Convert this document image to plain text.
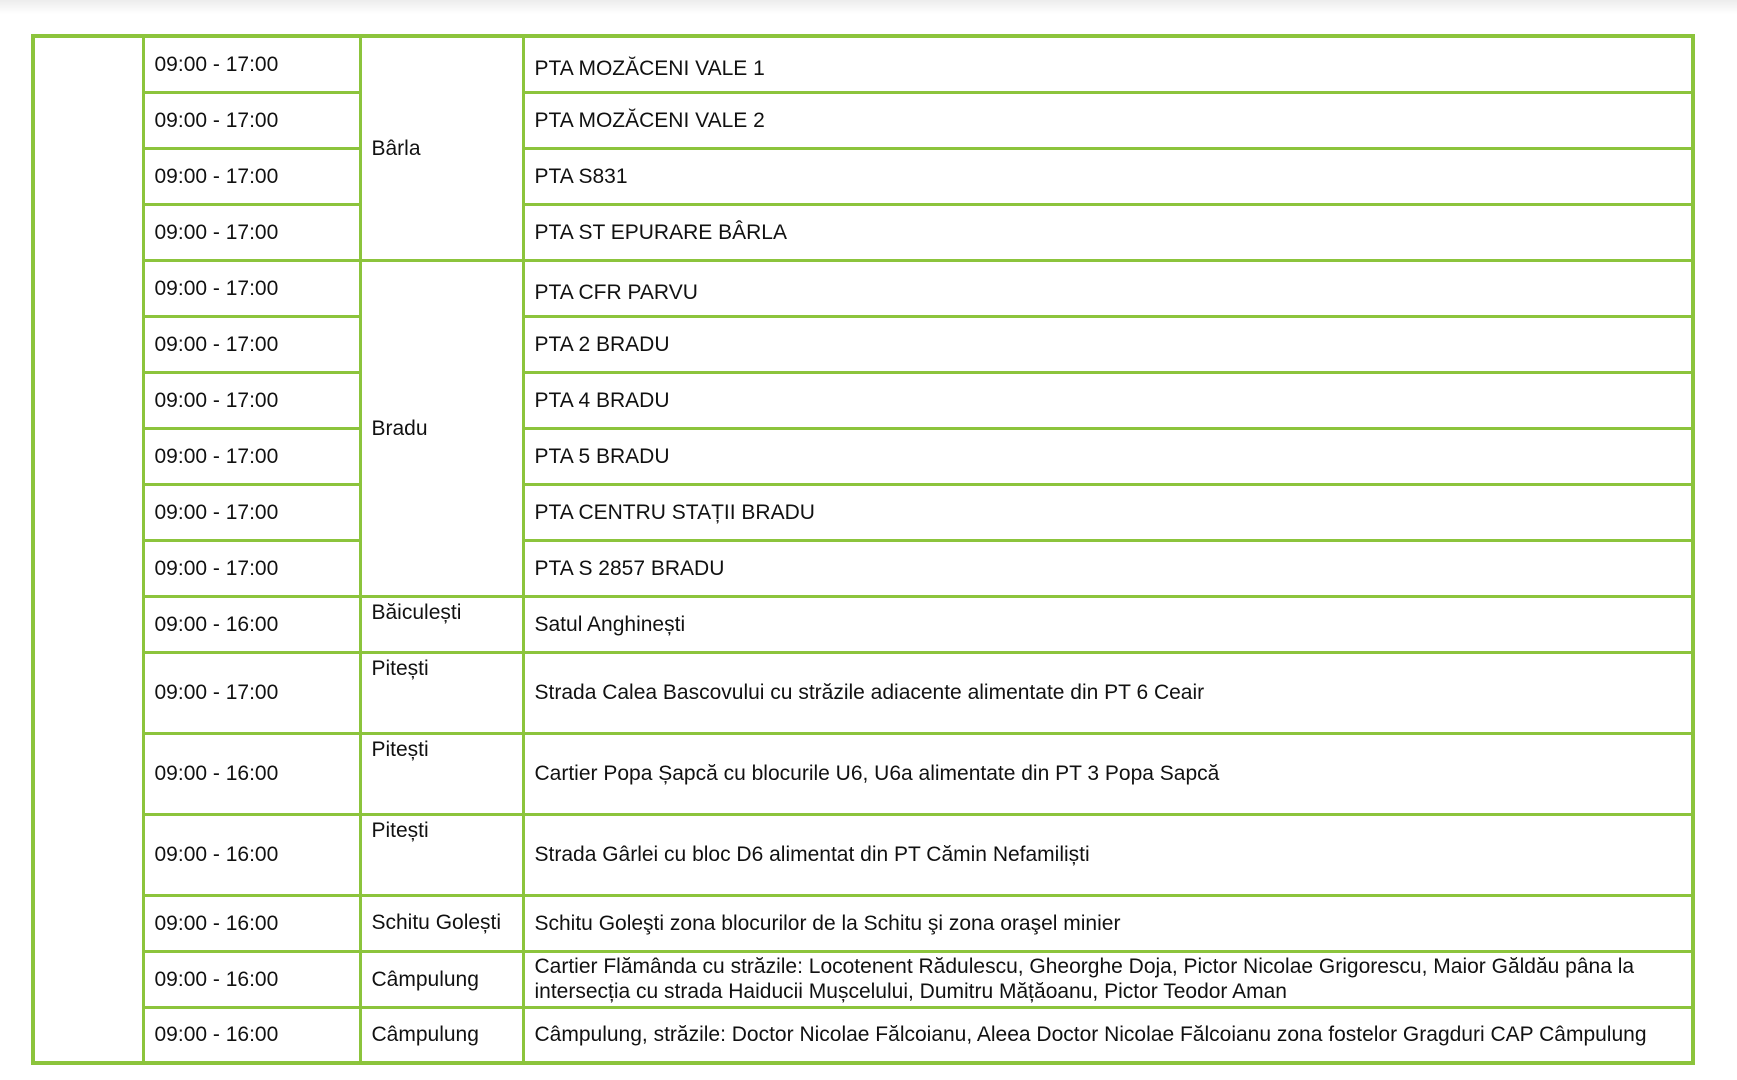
	09:00 - 17:00	Bârla	PTA MOZĂCENI VALE 1
	09:00 - 17:00		PTA MOZĂCENI VALE 2
	09:00 - 17:00		PTA S831
	09:00 - 17:00		PTA ST EPURARE BÂRLA
	09:00 - 17:00	Bradu	PTA CFR PARVU
	09:00 - 17:00		PTA 2 BRADU
	09:00 - 17:00		PTA 4 BRADU
	09:00 - 17:00		PTA 5 BRADU
	09:00 - 17:00		PTA CENTRU STAȚII BRADU
	09:00 - 17:00		PTA S 2857 BRADU
	09:00 - 16:00	Băiculești	Satul Anghinești
	09:00 - 17:00	Pitești	Strada Calea Bascovului cu străzile adiacente alimentate din PT 6 Ceair
	09:00 - 16:00	Pitești	Cartier Popa Șapcă cu blocurile U6, U6a alimentate din PT 3 Popa Sapcă
	09:00 - 16:00	Pitești	Strada Gârlei cu bloc D6 alimentat din PT Cămin Nefamiliști
	09:00 - 16:00	Schitu Golești	Schitu Goleşti zona blocurilor de la Schitu şi zona oraşel minier
	09:00 - 16:00	Câmpulung	Cartier Flămânda cu străzile: Locotenent Rădulescu, Gheorghe Doja, Pictor Nicolae Grigorescu, Maior Găldău pâna la intersecția cu strada Haiducii Mușcelului, Dumitru Mățăoanu, Pictor Teodor Aman
	09:00 - 16:00	Câmpulung	Câmpulung, străzile: Doctor Nicolae Fălcoianu, Aleea Doctor Nicolae Fălcoianu zona fostelor Gragduri CAP Câmpulung
